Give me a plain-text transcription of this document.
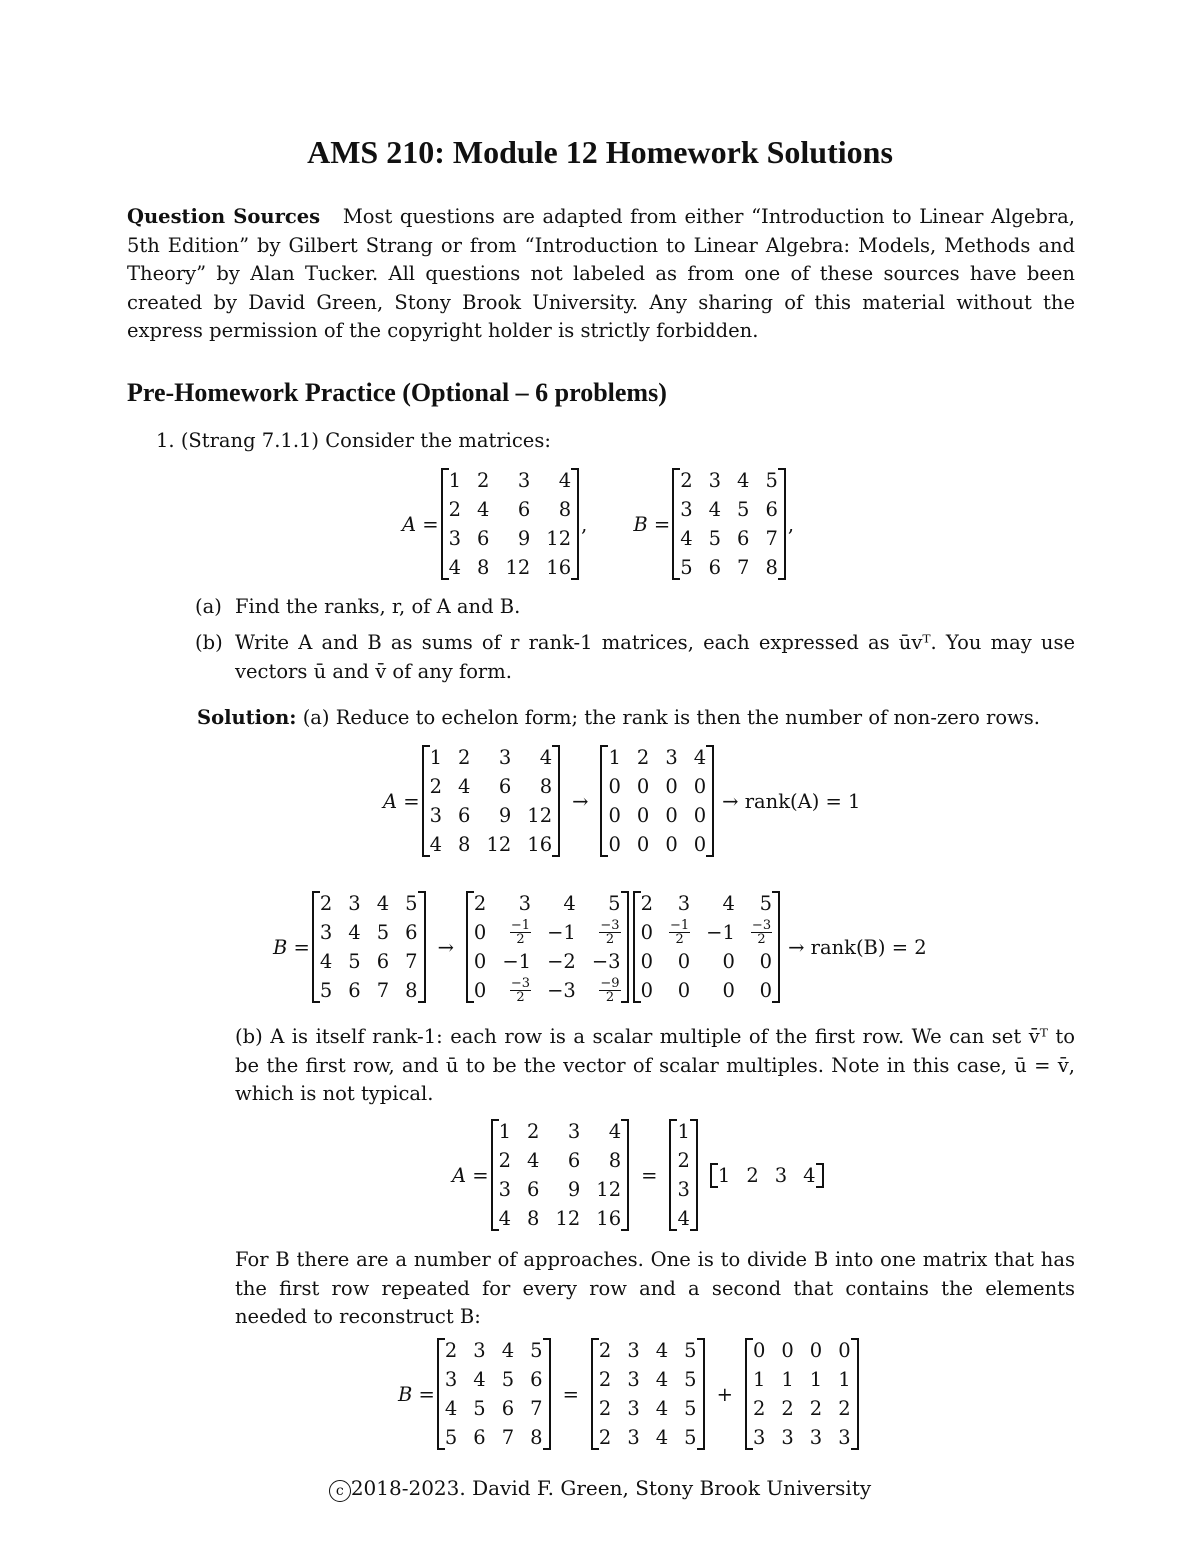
AMS 210: Module 12 Homework Solutions
Question Sources Most questions are adapted from either “Introduction to Linear Algebra, 5th Edition” by Gilbert Strang or from “Introduction to Linear Algebra: Models, Methods and Theory” by Alan Tucker. All questions not labeled as from one of these sources have been created by David Green, Stony Brook University. Any sharing of this material without the express permission of the copyright holder is strictly forbidden.
Pre-Homework Practice (Optional – 6 problems)
1. (Strang 7.1.1) Consider the matrices:
A =
1	2	3	4
2	4	6	8
3	6	9	12
4	8	12	16
, B =
2	3	4	5
3	4	5	6
4	5	6	7
5	6	7	8
,
(a) Find the ranks, r, of A and B.
(b) Write A and B as sums of r rank-1 matrices, each expressed as ūvᵀ. You may use vectors ū and v̄ of any form.
Solution: (a) Reduce to echelon form; the rank is then the number of non-zero rows.
A =
1	2	3	4
2	4	6	8
3	6	9	12
4	8	12	16
→
1	2	3	4
0	0	0	0
0	0	0	0
0	0	0	0
→ rank(A) = 1
B =
2	3	4	5
3	4	5	6
4	5	6	7
5	6	7	8
→
2	3	4	5
0	$\frac{-1}{2}$	−1	$\frac{-3}{2}$

0	−1	−2	−3
0	$\frac{-3}{2}$	−3	$\frac{-9}{2}$
2	3	4	5
0	$\frac{-1}{2}$	−1	$\frac{-3}{2}$

0	0	0	0
0	0	0	0
→ rank(B) = 2
(b) A is itself rank-1: each row is a scalar multiple of the first row. We can set v̄ᵀ to be the first row, and ū to be the vector of scalar multiples. Note in this case, ū = v̄, which is not typical.
A =
1	2	3	4
2	4	6	8
3	6	9	12
4	8	12	16
=
1
2
3
4
1	2	3	4
For B there are a number of approaches. One is to divide B into one matrix that has the first row repeated for every row and a second that contains the elements needed to reconstruct B:
B =
2	3	4	5
3	4	5	6
4	5	6	7
5	6	7	8
=
2	3	4	5
2	3	4	5
2	3	4	5
2	3	4	5
+
0	0	0	0
1	1	1	1
2	2	2	2
3	3	3	3
c 2018-2023. David F. Green, Stony Brook University
